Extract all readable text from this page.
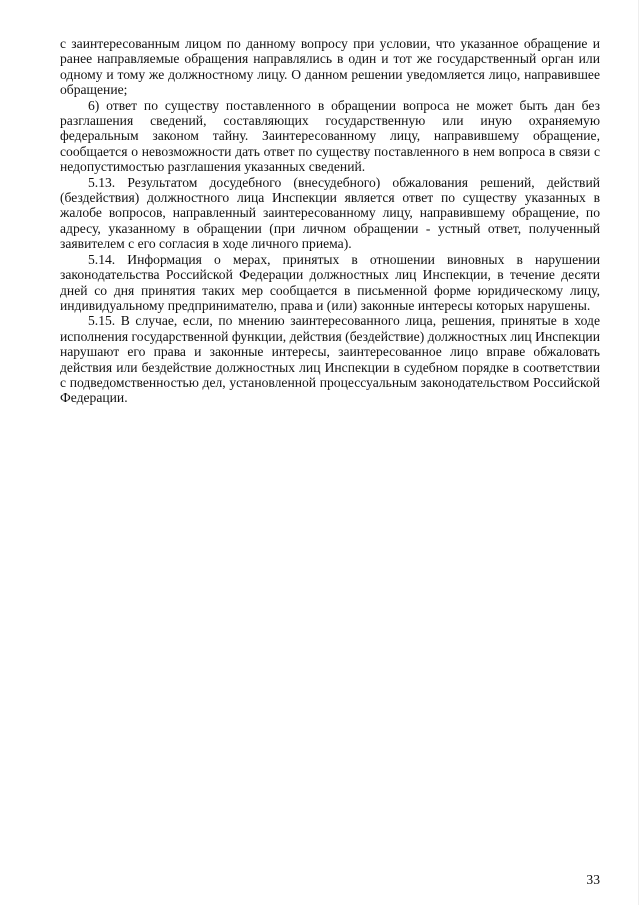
с заинтересованным лицом по данному вопросу при условии, что указанное обращение и ранее направляемые обращения направлялись в один и тот же государственный орган или одному и тому же должностному лицу. О данном решении уведомляется лицо, направившее обращение;

6) ответ по существу поставленного в обращении вопроса не может быть дан без разглашения сведений, составляющих государственную или иную охраняемую федеральным законом тайну. Заинтересованному лицу, направившему обращение, сообщается о невозможности дать ответ по существу поставленного в нем вопроса в связи с недопустимостью разглашения указанных сведений.

5.13. Результатом досудебного (внесудебного) обжалования решений, действий (бездействия) должностного лица Инспекции является ответ по существу указанных в жалобе вопросов, направленный заинтересованному лицу, направившему обращение, по адресу, указанному в обращении (при личном обращении - устный ответ, полученный заявителем с его согласия в ходе личного приема).

5.14. Информация о мерах, принятых в отношении виновных в нарушении законодательства Российской Федерации должностных лиц Инспекции, в течение десяти дней со дня принятия таких мер сообщается в письменной форме юридическому лицу, индивидуальному предпринимателю, права и (или) законные интересы которых нарушены.

5.15. В случае, если, по мнению заинтересованного лица, решения, принятые в ходе исполнения государственной функции, действия (бездействие) должностных лиц Инспекции нарушают его права и законные интересы, заинтересованное лицо вправе обжаловать действия или бездействие должностных лиц Инспекции в судебном порядке в соответствии с подведомственностью дел, установленной процессуальным законодательством Российской Федерации.

33
